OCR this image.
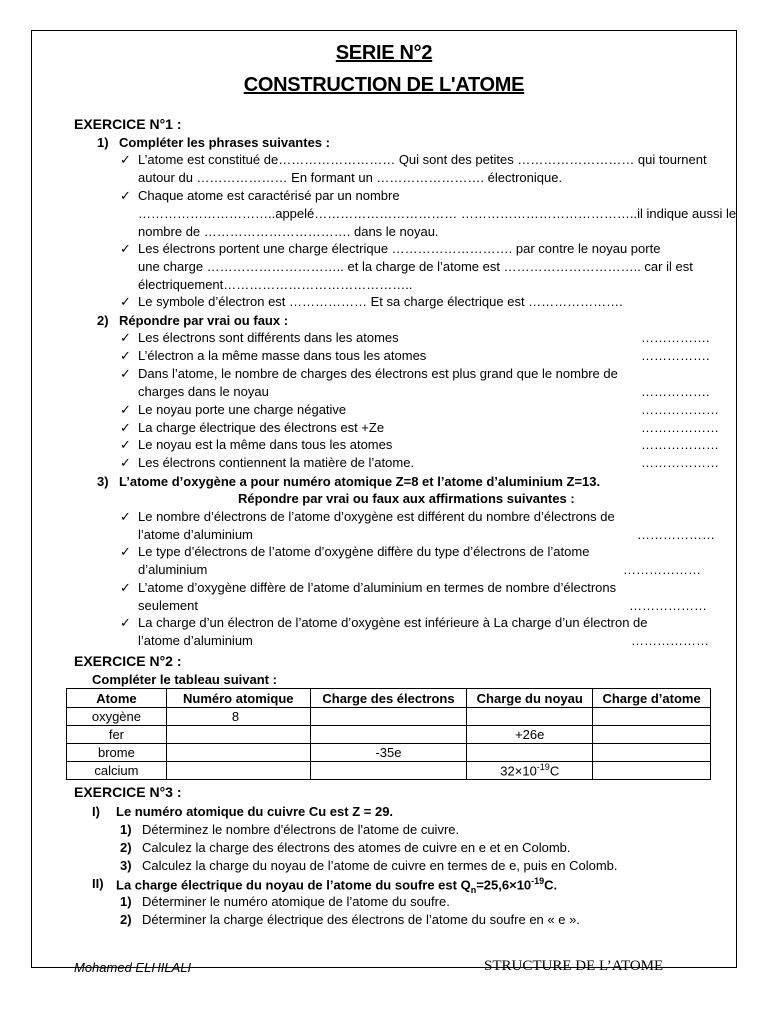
SERIE N°2
CONSTRUCTION DE L'ATOME
EXERCICE N°1 :
1) Compléter les phrases suivantes :
✓ L’atome est constitué de……………………… Qui sont des petites ……………………… qui tournent
autour du ………………… En formant un ……………………. électronique.
✓ Chaque atome est caractérisé par un nombre
…………………………..appelé…………………………… …………………………………..il indique aussi le
nombre de ……………………………. dans le noyau.
✓ Les électrons portent une charge électrique ………………………. par contre le noyau porte
une charge ………………………….. et la charge de l’atome est ………………………….. car il est
électriquement……………………………………..
✓ Le symbole d’électron est ……………… Et sa charge électrique est ………………….
2) Répondre par vrai ou faux :
✓ Les électrons sont différents dans les atomes	…………….
✓ L’électron a la même masse dans tous les atomes	…………….
✓ Dans l’atome, le nombre de charges des électrons est plus grand que le nombre de
charges dans le noyau	…………….
✓ Le noyau porte une charge négative	………………
✓ La charge électrique des électrons est +Ze	………………
✓ Le noyau est la même dans tous les atomes	………………
✓ Les électrons contiennent la matière de l’atome.	………………
3) L’atome d’oxygène a pour numéro atomique Z=8 et l’atome d’aluminium Z=13.
Répondre par vrai ou faux aux affirmations suivantes :
✓ Le nombre d’électrons de l’atome d’oxygène est différent du nombre d’électrons de
l’atome d’aluminium	………………
✓ Le type d’électrons de l’atome d’oxygène diffère du type d’électrons de l’atome
d’aluminium	………………
✓ L’atome d’oxygène diffère de l’atome d’aluminium en termes de nombre d’électrons
seulement	………………
✓ La charge d’un électron de l’atome d’oxygène est inférieure à La charge d’un électron de
l’atome d’aluminium	………………
EXERCICE N°2 :
Compléter le tableau suivant :
Atome	Numéro atomique	Charge des électrons	Charge du noyau	Charge d’atome
oxygène	8			
fer			+26e	
brome		-35e		
calcium			$32\times 10^{-19}C$	
EXERCICE N°3 :
I) Le numéro atomique du cuivre Cu est Z = 29.
1) Déterminez le nombre d'électrons de l'atome de cuivre.
2) Calculez la charge des électrons des atomes de cuivre en e et en Colomb.
3) Calculez la charge du noyau de l’atome de cuivre en termes de e, puis en Colomb.
II) La charge électrique du noyau de l’atome du soufre est $Q_n=25,6\times 10^{-19}C$.
1) Déterminer le numéro atomique de l’atome du soufre.
2) Déterminer la charge électrique des électrons de l’atome du soufre en « e ».
Mohamed ELHILALI	STRUCTURE DE L’ATOME
